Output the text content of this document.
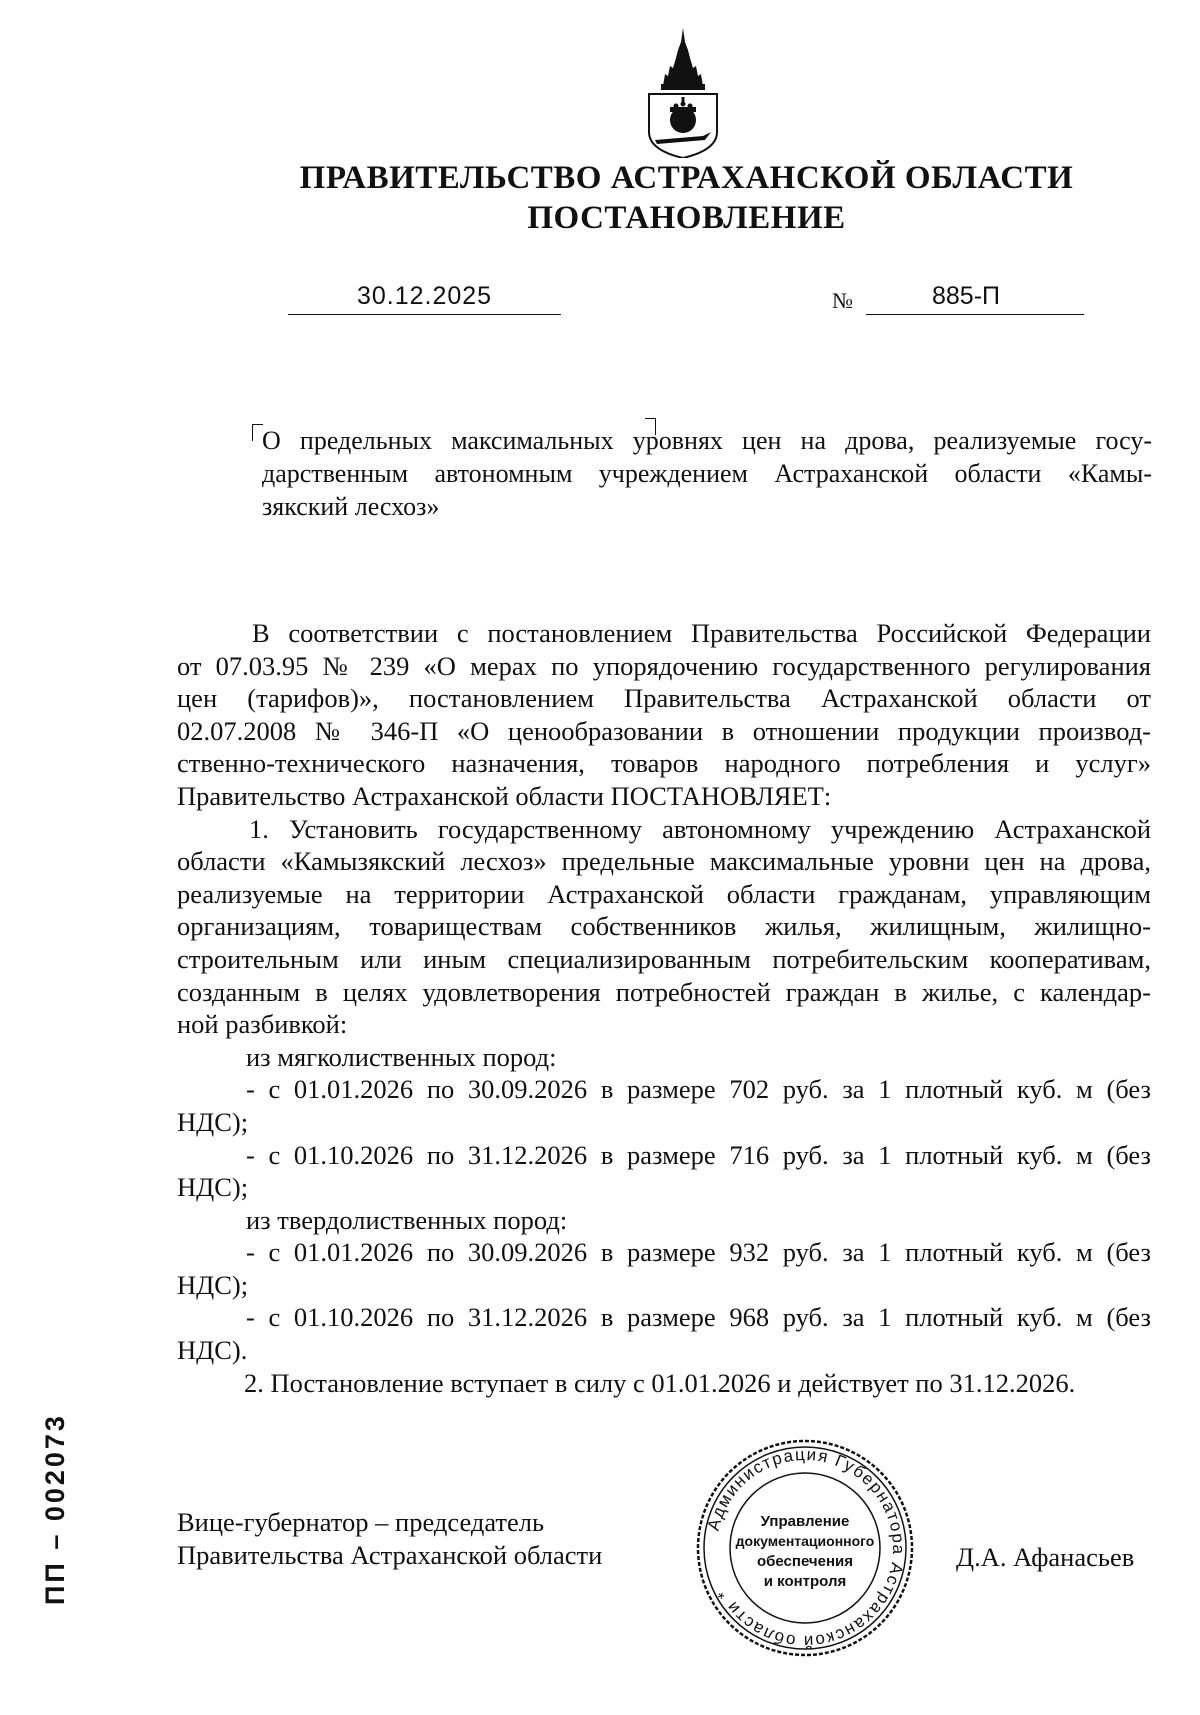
ПРАВИТЕЛЬСТВО АСТРАХАНСКОЙ ОБЛАСТИ
ПОСТАНОВЛЕНИЕ
30.12.2025	№	885-П
О предельных максимальных уровнях цен на дрова, реализуемые госу-
дарственным автономным учреждением Астраханской области «Камы-
зякский лесхоз»

В соответствии с постановлением Правительства Российской Федерации

от 07.03.95 № 239 «О мерах по упорядочению государственного регулирования

цен (тарифов)», постановлением Правительства Астраханской области от

02.07.2008 № 346-П «О ценообразовании в отношении продукции производ-

ственно-технического назначения, товаров народного потребления и услуг»

Правительство Астраханской области ПОСТАНОВЛЯЕТ:

1. Установить государственному автономному учреждению Астраханской

области «Камызякский лесхоз» предельные максимальные уровни цен на дрова,

реализуемые на территории Астраханской области гражданам, управляющим

организациям, товариществам собственников жилья, жилищным, жилищно-

строительным или иным специализированным потребительским кооперативам,

созданным в целях удовлетворения потребностей граждан в жилье, с календар-

ной разбивкой:

из мягколиственных пород:

- с 01.01.2026 по 30.09.2026 в размере 702 руб. за 1 плотный куб. м (без

НДС);

- с 01.10.2026 по 31.12.2026 в размере 716 руб. за 1 плотный куб. м (без

НДС);

из твердолиственных пород:

- с 01.01.2026 по 30.09.2026 в размере 932 руб. за 1 плотный куб. м (без

НДС);

- с 01.10.2026 по 31.12.2026 в размере 968 руб. за 1 плотный куб. м (без

НДС).

2. Постановление вступает в силу с 01.01.2026 и действует по 31.12.2026.

Вице-губернатор – председатель
Правительства Астраханской области	Д.А. Афанасьев
Администрация Губернатора Астраханской области *
Управление
документационного
обеспечения
и контроля
ПП – 002073
